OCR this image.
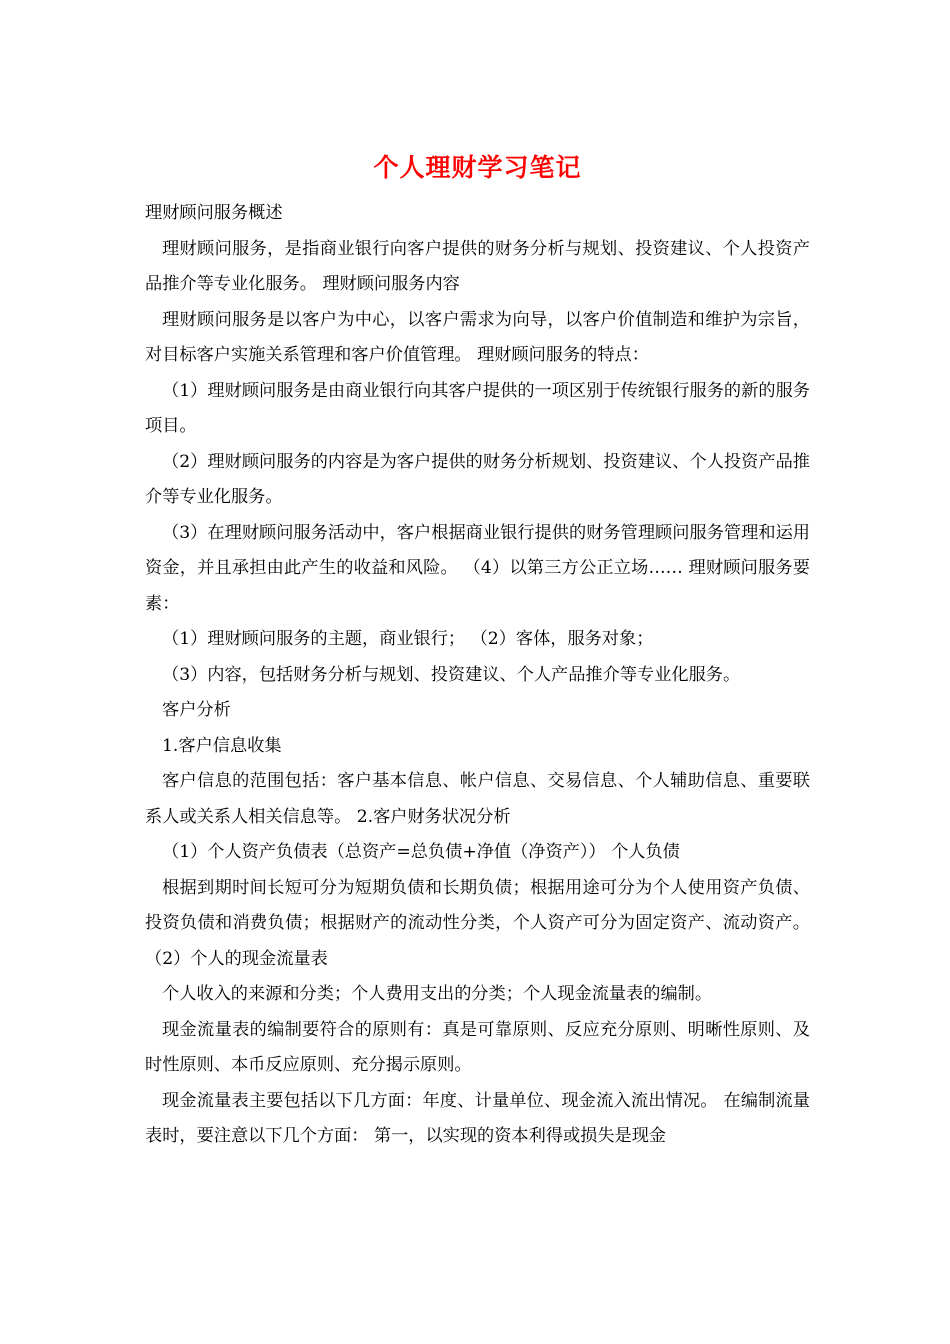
个人理财学习笔记

理财顾问服务概述

理财顾问服务，是指商业银行向客户提供的财务分析与规划、投资建议、个人投资产品推介等专业化服务。 理财顾问服务内容

理财顾问服务是以客户为中心，以客户需求为向导，以客户价值制造和维护为宗旨，对目标客户实施关系管理和客户价值管理。 理财顾问服务的特点：

（1）理财顾问服务是由商业银行向其客户提供的一项区别于传统银行服务的新的服务项目。

（2）理财顾问服务的内容是为客户提供的财务分析规划、投资建议、个人投资产品推介等专业化服务。

（3）在理财顾问服务活动中，客户根据商业银行提供的财务管理顾问服务管理和运用资金，并且承担由此产生的收益和风险。 （4）以第三方公正立场…… 理财顾问服务要素：

（1）理财顾问服务的主题，商业银行； （2）客体，服务对象；

（3）内容，包括财务分析与规划、投资建议、个人产品推介等专业化服务。

客户分析

1.客户信息收集

客户信息的范围包括：客户基本信息、帐户信息、交易信息、个人辅助信息、重要联系人或关系人相关信息等。 2.客户财务状况分析

（1）个人资产负债表（总资产=总负债+净值（净资产）） 个人负债

根据到期时间长短可分为短期负债和长期负债；根据用途可分为个人使用资产负债、投资负债和消费负债；根据财产的流动性分类，个人资产可分为固定资产、流动资产。 （2）个人的现金流量表

个人收入的来源和分类；个人费用支出的分类；个人现金流量表的编制。

现金流量表的编制要符合的原则有：真是可靠原则、反应充分原则、明晰性原则、及时性原则、本币反应原则、充分揭示原则。

现金流量表主要包括以下几方面：年度、计量单位、现金流入流出情况。 在编制流量表时，要注意以下几个方面： 第一，以实现的资本利得或损失是现金
